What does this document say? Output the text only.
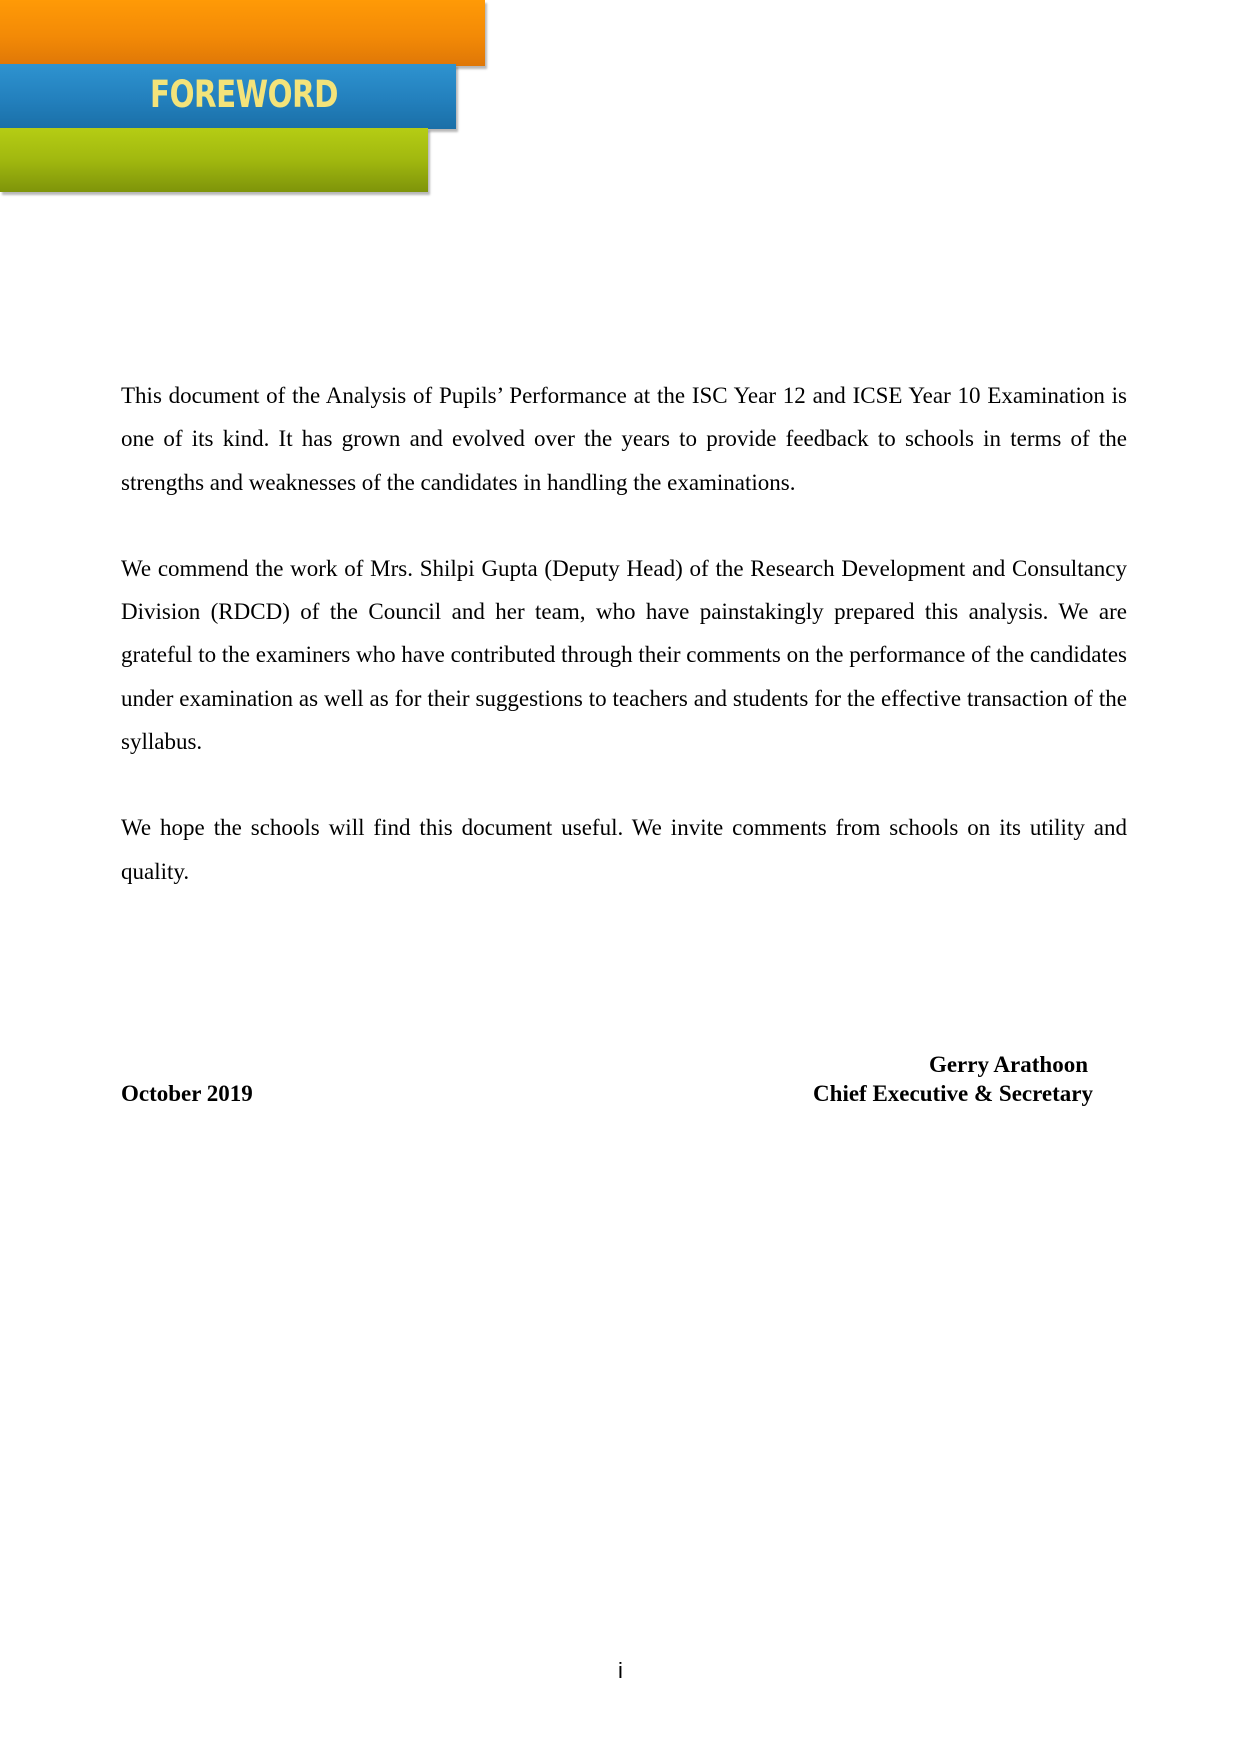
FOREWORD

This document of the Analysis of Pupils’ Performance at the ISC Year 12 and ICSE Year 10 Examination is one of its kind. It has grown and evolved over the years to provide feedback to schools in terms of the strengths and weaknesses of the candidates in handling the examinations.

We commend the work of Mrs. Shilpi Gupta (Deputy Head) of the Research Development and Consultancy Division (RDCD) of the Council and her team, who have painstakingly prepared this analysis. We are grateful to the examiners who have contributed through their comments on the performance of the candidates under examination as well as for their suggestions to teachers and students for the effective transaction of the syllabus.

We hope the schools will find this document useful. We invite comments from schools on its utility and quality.

October 2019
Gerry Arathoon
Chief Executive & Secretary
i
